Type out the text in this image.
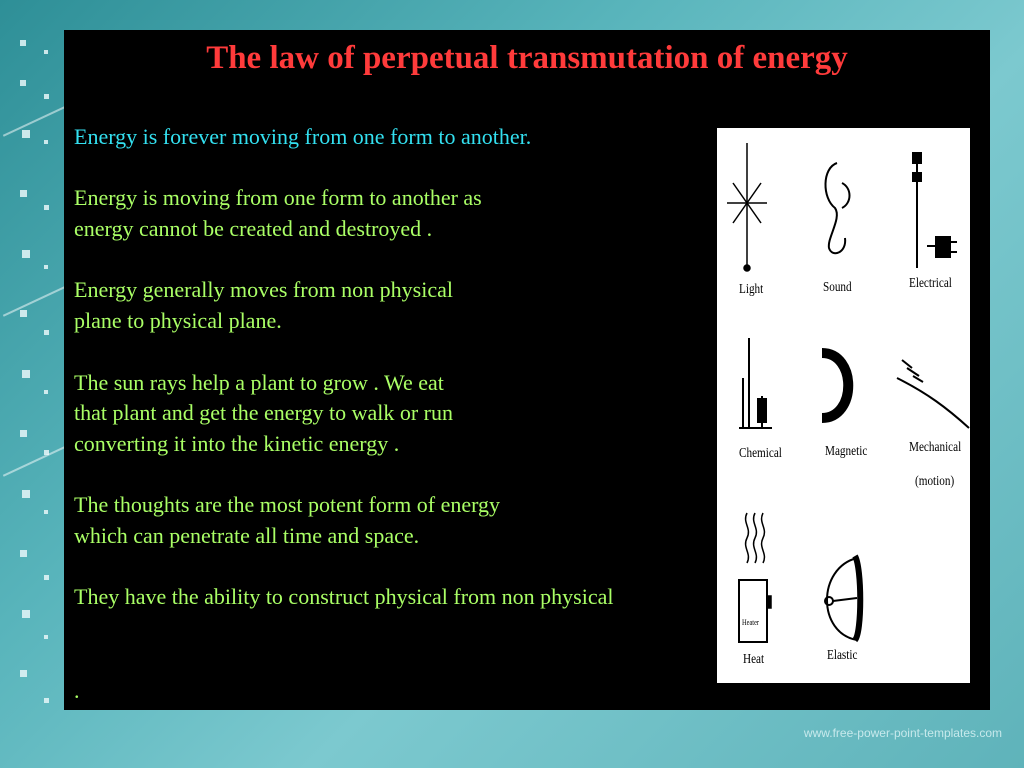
The law of perpetual transmutation of energy

Energy is forever moving from one form to another.

Energy is moving from one form to another as
energy cannot be created and destroyed .

Energy generally moves from non physical
plane to physical plane.

The sun rays help a plant to grow . We eat
that plant and get the energy to walk or run
converting it into the kinetic energy .

The thoughts are the most potent form of energy
which can penetrate all time and space.

They have the ability to construct physical from non physical

.
Light	Sound	Electrical
Chemical	Magnetic	Mechanical
(motion)
Heat	Elastic
Heater
www.free-power-point-templates.com
